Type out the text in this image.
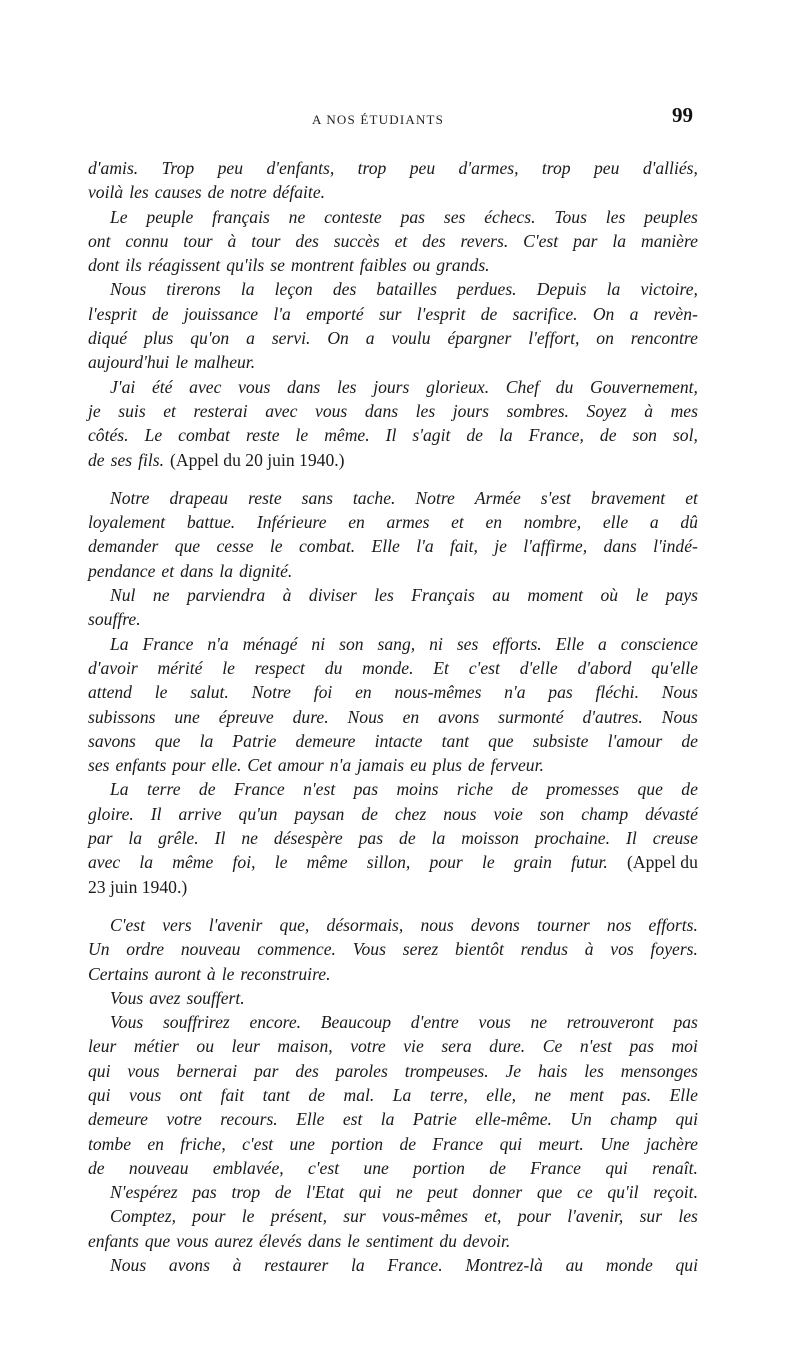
A NOS ÉTUDIANTS	99
d'amis. Trop peu d'enfants, trop peu d'armes, trop peu d'alliés,
voilà les causes de notre défaite.
Le peuple français ne conteste pas ses échecs. Tous les peuples
ont connu tour à tour des succès et des revers. C'est par la manière
dont ils réagissent qu'ils se montrent faibles ou grands.
Nous tirerons la leçon des batailles perdues. Depuis la victoire,
l'esprit de jouissance l'a emporté sur l'esprit de sacrifice. On a revèn-
diqué plus qu'on a servi. On a voulu épargner l'effort, on rencontre
aujourd'hui le malheur.
J'ai été avec vous dans les jours glorieux. Chef du Gouvernement,
je suis et resterai avec vous dans les jours sombres. Soyez à mes
côtés. Le combat reste le même. Il s'agit de la France, de son sol,
de ses fils. (Appel du 20 juin 1940.)
Notre drapeau reste sans tache. Notre Armée s'est bravement et
loyalement battue. Inférieure en armes et en nombre, elle a dû
demander que cesse le combat. Elle l'a fait, je l'affirme, dans l'indé-
pendance et dans la dignité.
Nul ne parviendra à diviser les Français au moment où le pays
souffre.
La France n'a ménagé ni son sang, ni ses efforts. Elle a conscience
d'avoir mérité le respect du monde. Et c'est d'elle d'abord qu'elle
attend le salut. Notre foi en nous-mêmes n'a pas fléchi. Nous
subissons une épreuve dure. Nous en avons surmonté d'autres. Nous
savons que la Patrie demeure intacte tant que subsiste l'amour de
ses enfants pour elle. Cet amour n'a jamais eu plus de ferveur.
La terre de France n'est pas moins riche de promesses que de
gloire. Il arrive qu'un paysan de chez nous voie son champ dévasté
par la grêle. Il ne désespère pas de la moisson prochaine. Il creuse
avec la même foi, le même sillon, pour le grain futur. (Appel du
23 juin 1940.)
C'est vers l'avenir que, désormais, nous devons tourner nos efforts.
Un ordre nouveau commence. Vous serez bientôt rendus à vos foyers.
Certains auront à le reconstruire.
Vous avez souffert.
Vous souffrirez encore. Beaucoup d'entre vous ne retrouveront pas
leur métier ou leur maison, votre vie sera dure. Ce n'est pas moi
qui vous bernerai par des paroles trompeuses. Je hais les mensonges
qui vous ont fait tant de mal. La terre, elle, ne ment pas. Elle
demeure votre recours. Elle est la Patrie elle-même. Un champ qui
tombe en friche, c'est une portion de France qui meurt. Une jachère
de nouveau emblavée, c'est une portion de France qui renaît.
N'espérez pas trop de l'Etat qui ne peut donner que ce qu'il reçoit.
Comptez, pour le présent, sur vous-mêmes et, pour l'avenir, sur les
enfants que vous aurez élevés dans le sentiment du devoir.
Nous avons à restaurer la France. Montrez-là au monde qui
